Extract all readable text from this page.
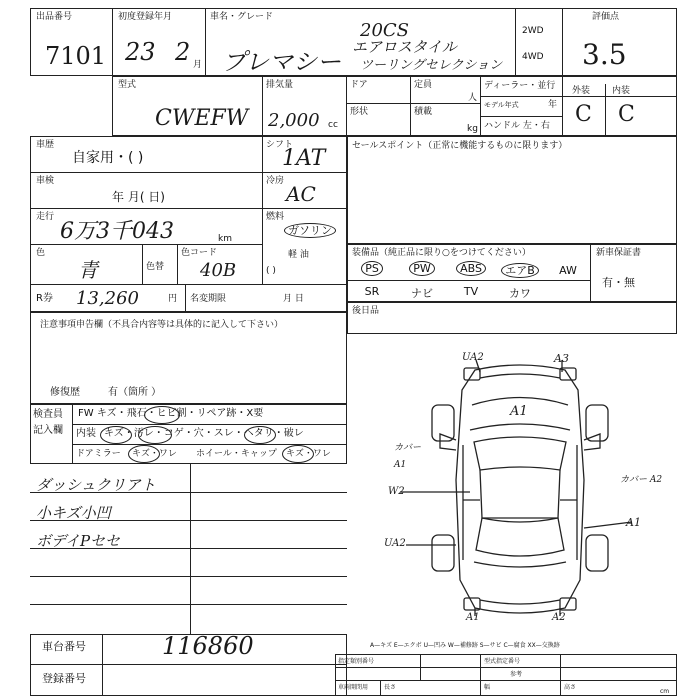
出品番号
7101
初度登録年月
23 2 月
車名・グレード
プレマシー
20CS
エアロスタイル
ツーリングセレクション
2WD
4WD
評価点
3.5
型式
CWEFW
排気量
2,000 cc
ドア	定員
人
形状	積載
kg
ディーラー・並行
モデル年式	年
ハンドル 左・右
外装 内装
C C
車歴
自家用・( )
車検
年 月( 日)
走行
6万3千043	km
色
青	色替
色コード
40B
R券 13,260	円 名変期限	月 日
シフト
1AT
冷房
AC
燃料
ガソリン
軽 油
( )
セールスポイント（正常に機能するものに限ります）
装備品（純正品に限り○をつけてください）
PS	PW	ABS	エアB	AW
SR	ナビ	TV	カワ
新車保証書
有・無
後日品
注意事項申告欄（不具合内容等は具体的に記入して下さい）
修復歴	有（箇所 ）
検査員
記入欄
FW キズ・飛石・ヒビ割・リペア跡・X要
内装 キズ・汚レ・コゲ・穴・スレ・ヘタリ・破レ
ドアミラー キズ・ワレ ホイール・キャップ キズ・ワレ
ダッシュクリアト
小キズ小凹
ボデイPセセ
車台番号	116860
登録番号
UA2	A3
A1
カバー
A1
W2
UA2
カバー A2
A1
A1	A2
A—キズ E—エクボ U—凹み W—補修跡 S—サビ C—腐食 XX—交換跡
指定類別番号	型式指定番号
参考
車両開閉用	長さ	幅	高さ
cm
